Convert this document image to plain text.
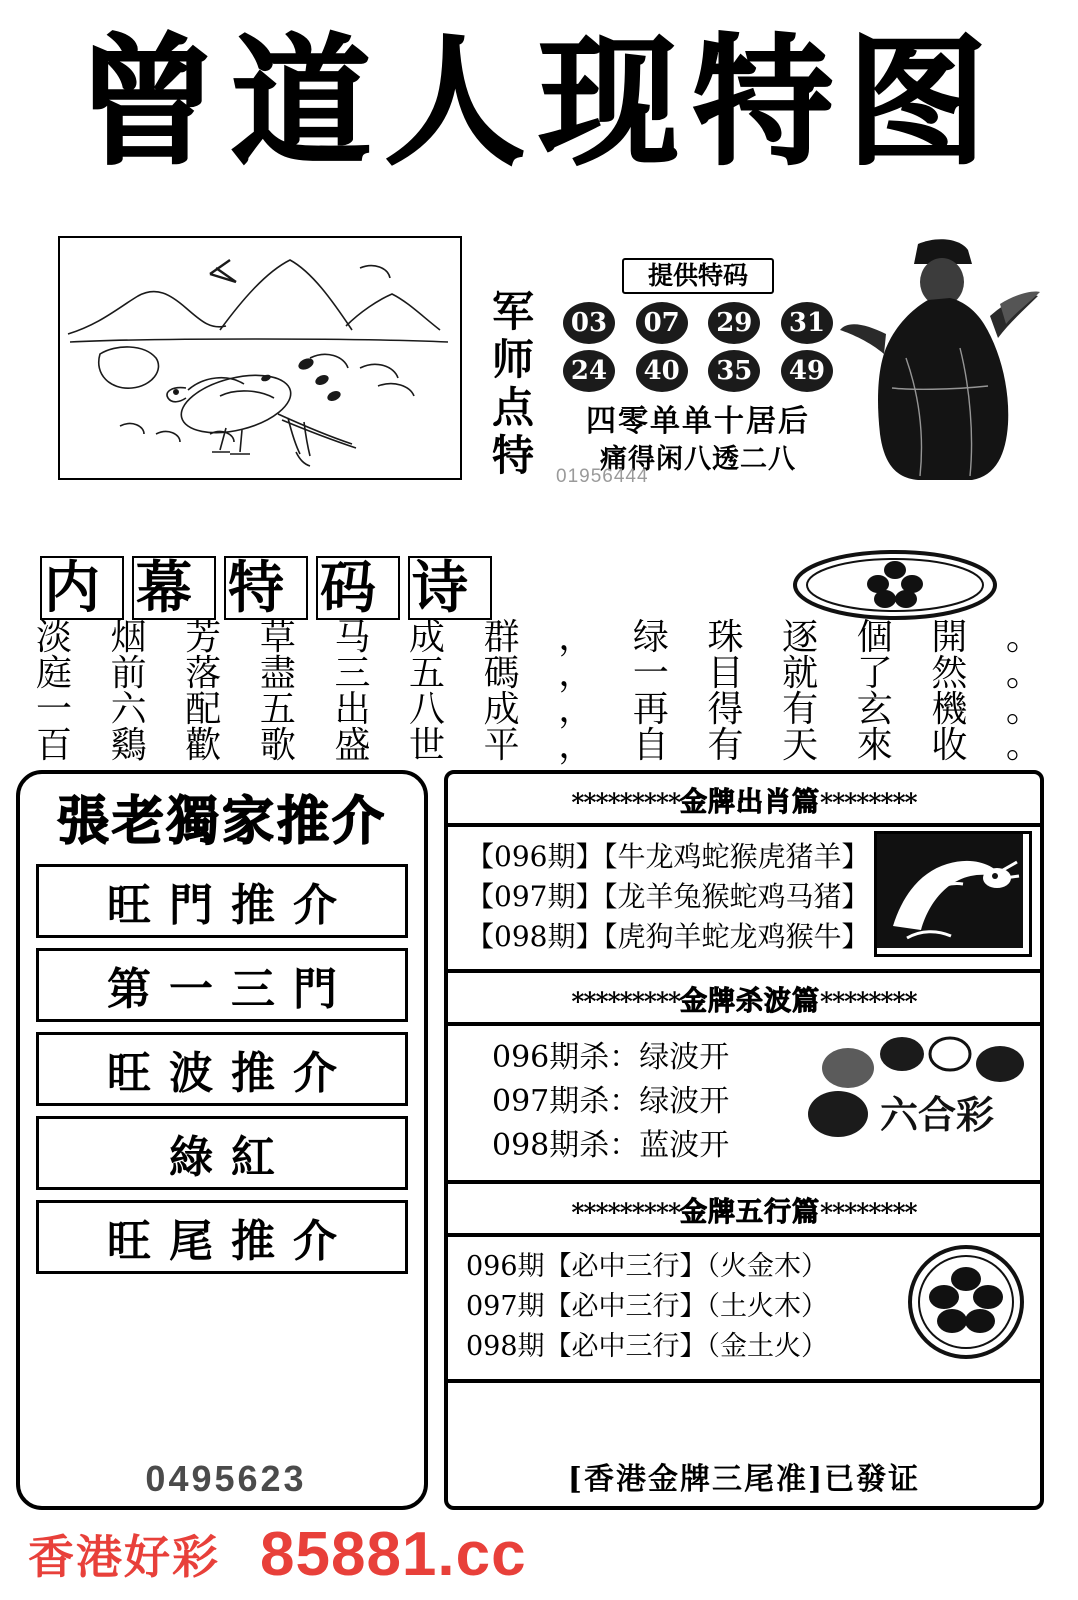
曾道人现特图
军师点特
提供特码
03	07	29	31
24	40	35	49
四零单单十居后
痛得闲八透二八
01956444
内 幕 特 码 诗
淡 烟 芳 草 马 成 群 ， 绿 珠 逐 個 開 。
庭 前 落 盡 三 五 碼 ， 一 目 就 了 然 。
一 六 配 五 出 八 成 ， 再 得 有 玄 機 。
百 鷄 歡 歌 盛 世 平 ， 自 有 天 來 收 。
張老獨家推介
旺門推介
第一三門
旺波推介
綠紅
旺尾推介
0495623
*********金牌出肖篇********
【096期】【牛龙鸡蛇猴虎猪羊】
【097期】【龙羊兔猴蛇鸡马猪】
【098期】【虎狗羊蛇龙鸡猴牛】
*********金牌杀波篇********
六合彩
096期杀：绿波开
097期杀：绿波开
098期杀：蓝波开
*********金牌五行篇********
096期【必中三行】（火金木）
097期【必中三行】（土火木）
098期【必中三行】（金土火）
[香港金牌三尾准]已發证
香港好彩 85881.cc
